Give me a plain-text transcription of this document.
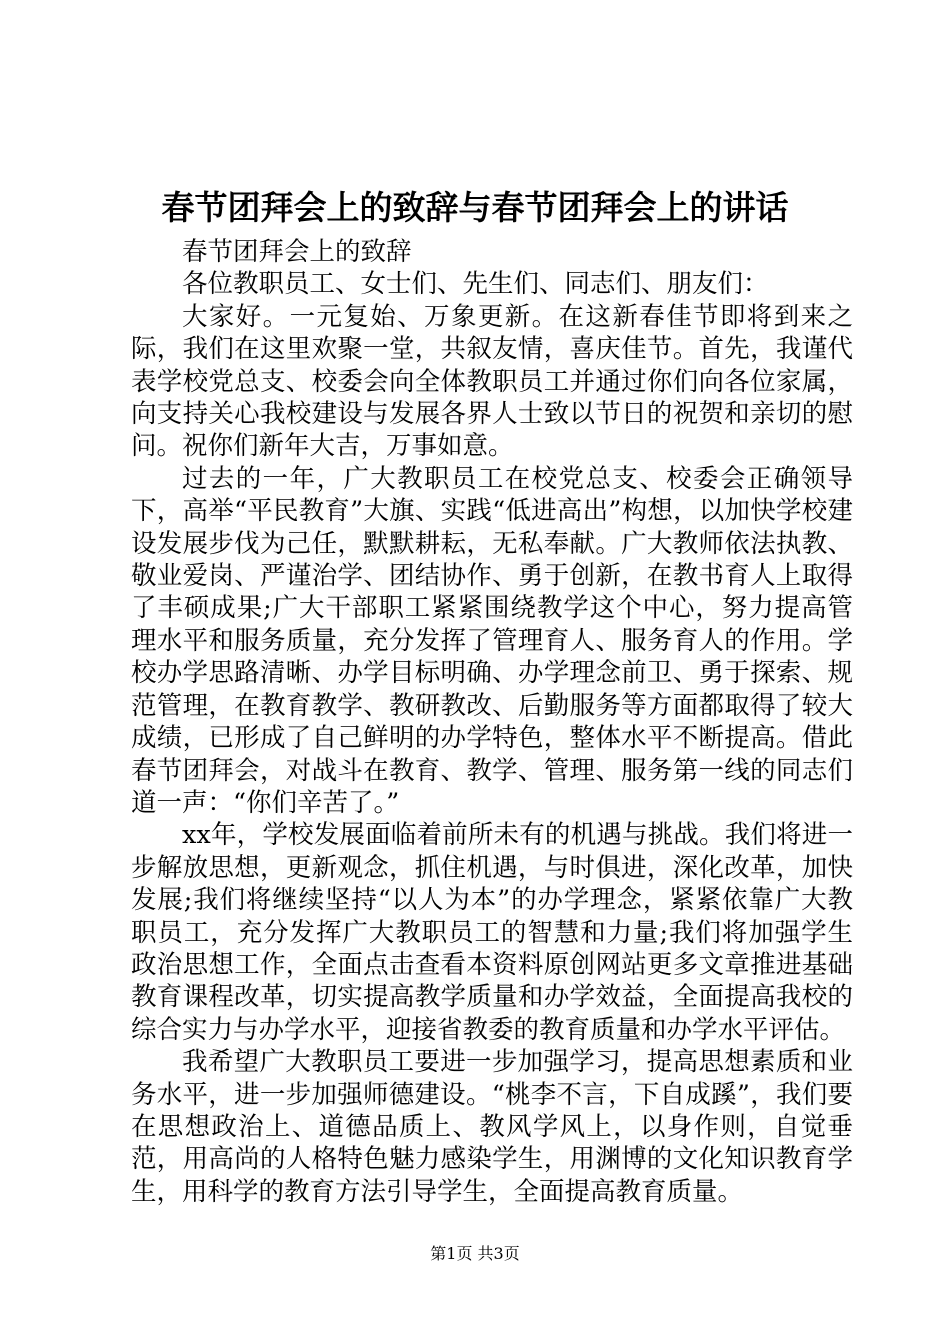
春节团拜会上的致辞与春节团拜会上的讲话

春节团拜会上的致辞

各位教职员工、女士们、先生们、同志们、朋友们：

大家好。一元复始、万象更新。在这新春佳节即将到来之际，我们在这里欢聚一堂，共叙友情，喜庆佳节。首先，我谨代表学校党总支、校委会向全体教职员工并通过你们向各位家属，向支持关心我校建设与发展各界人士致以节日的祝贺和亲切的慰问。祝你们新年大吉，万事如意。

过去的一年，广大教职员工在校党总支、校委会正确领导下，高举“平民教育”大旗、实践“低进高出”构想，以加快学校建设发展步伐为己任，默默耕耘，无私奉献。广大教师依法执教、敬业爱岗、严谨治学、团结协作、勇于创新，在教书育人上取得了丰硕成果;广大干部职工紧紧围绕教学这个中心，努力提高管理水平和服务质量，充分发挥了管理育人、服务育人的作用。学校办学思路清晰、办学目标明确、办学理念前卫、勇于探索、规范管理，在教育教学、教研教改、后勤服务等方面都取得了较大成绩，已形成了自己鲜明的办学特色，整体水平不断提高。借此春节团拜会，对战斗在教育、教学、管理、服务第一线的同志们道一声：“你们辛苦了。”

xx年，学校发展面临着前所未有的机遇与挑战。我们将进一步解放思想，更新观念，抓住机遇，与时俱进，深化改革，加快发展;我们将继续坚持“以人为本”的办学理念，紧紧依靠广大教职员工，充分发挥广大教职员工的智慧和力量;我们将加强学生政治思想工作，全面点击查看本资料原创网站更多文章推进基础教育课程改革，切实提高教学质量和办学效益，全面提高我校的综合实力与办学水平，迎接省教委的教育质量和办学水平评估。

我希望广大教职员工要进一步加强学习，提高思想素质和业务水平，进一步加强师德建设。“桃李不言，下自成蹊”，我们要在思想政治上、道德品质上、教风学风上，以身作则，自觉垂范，用高尚的人格特色魅力感染学生，用渊博的文化知识教育学生，用科学的教育方法引导学生，全面提高教育质量。

第1页 共3页
